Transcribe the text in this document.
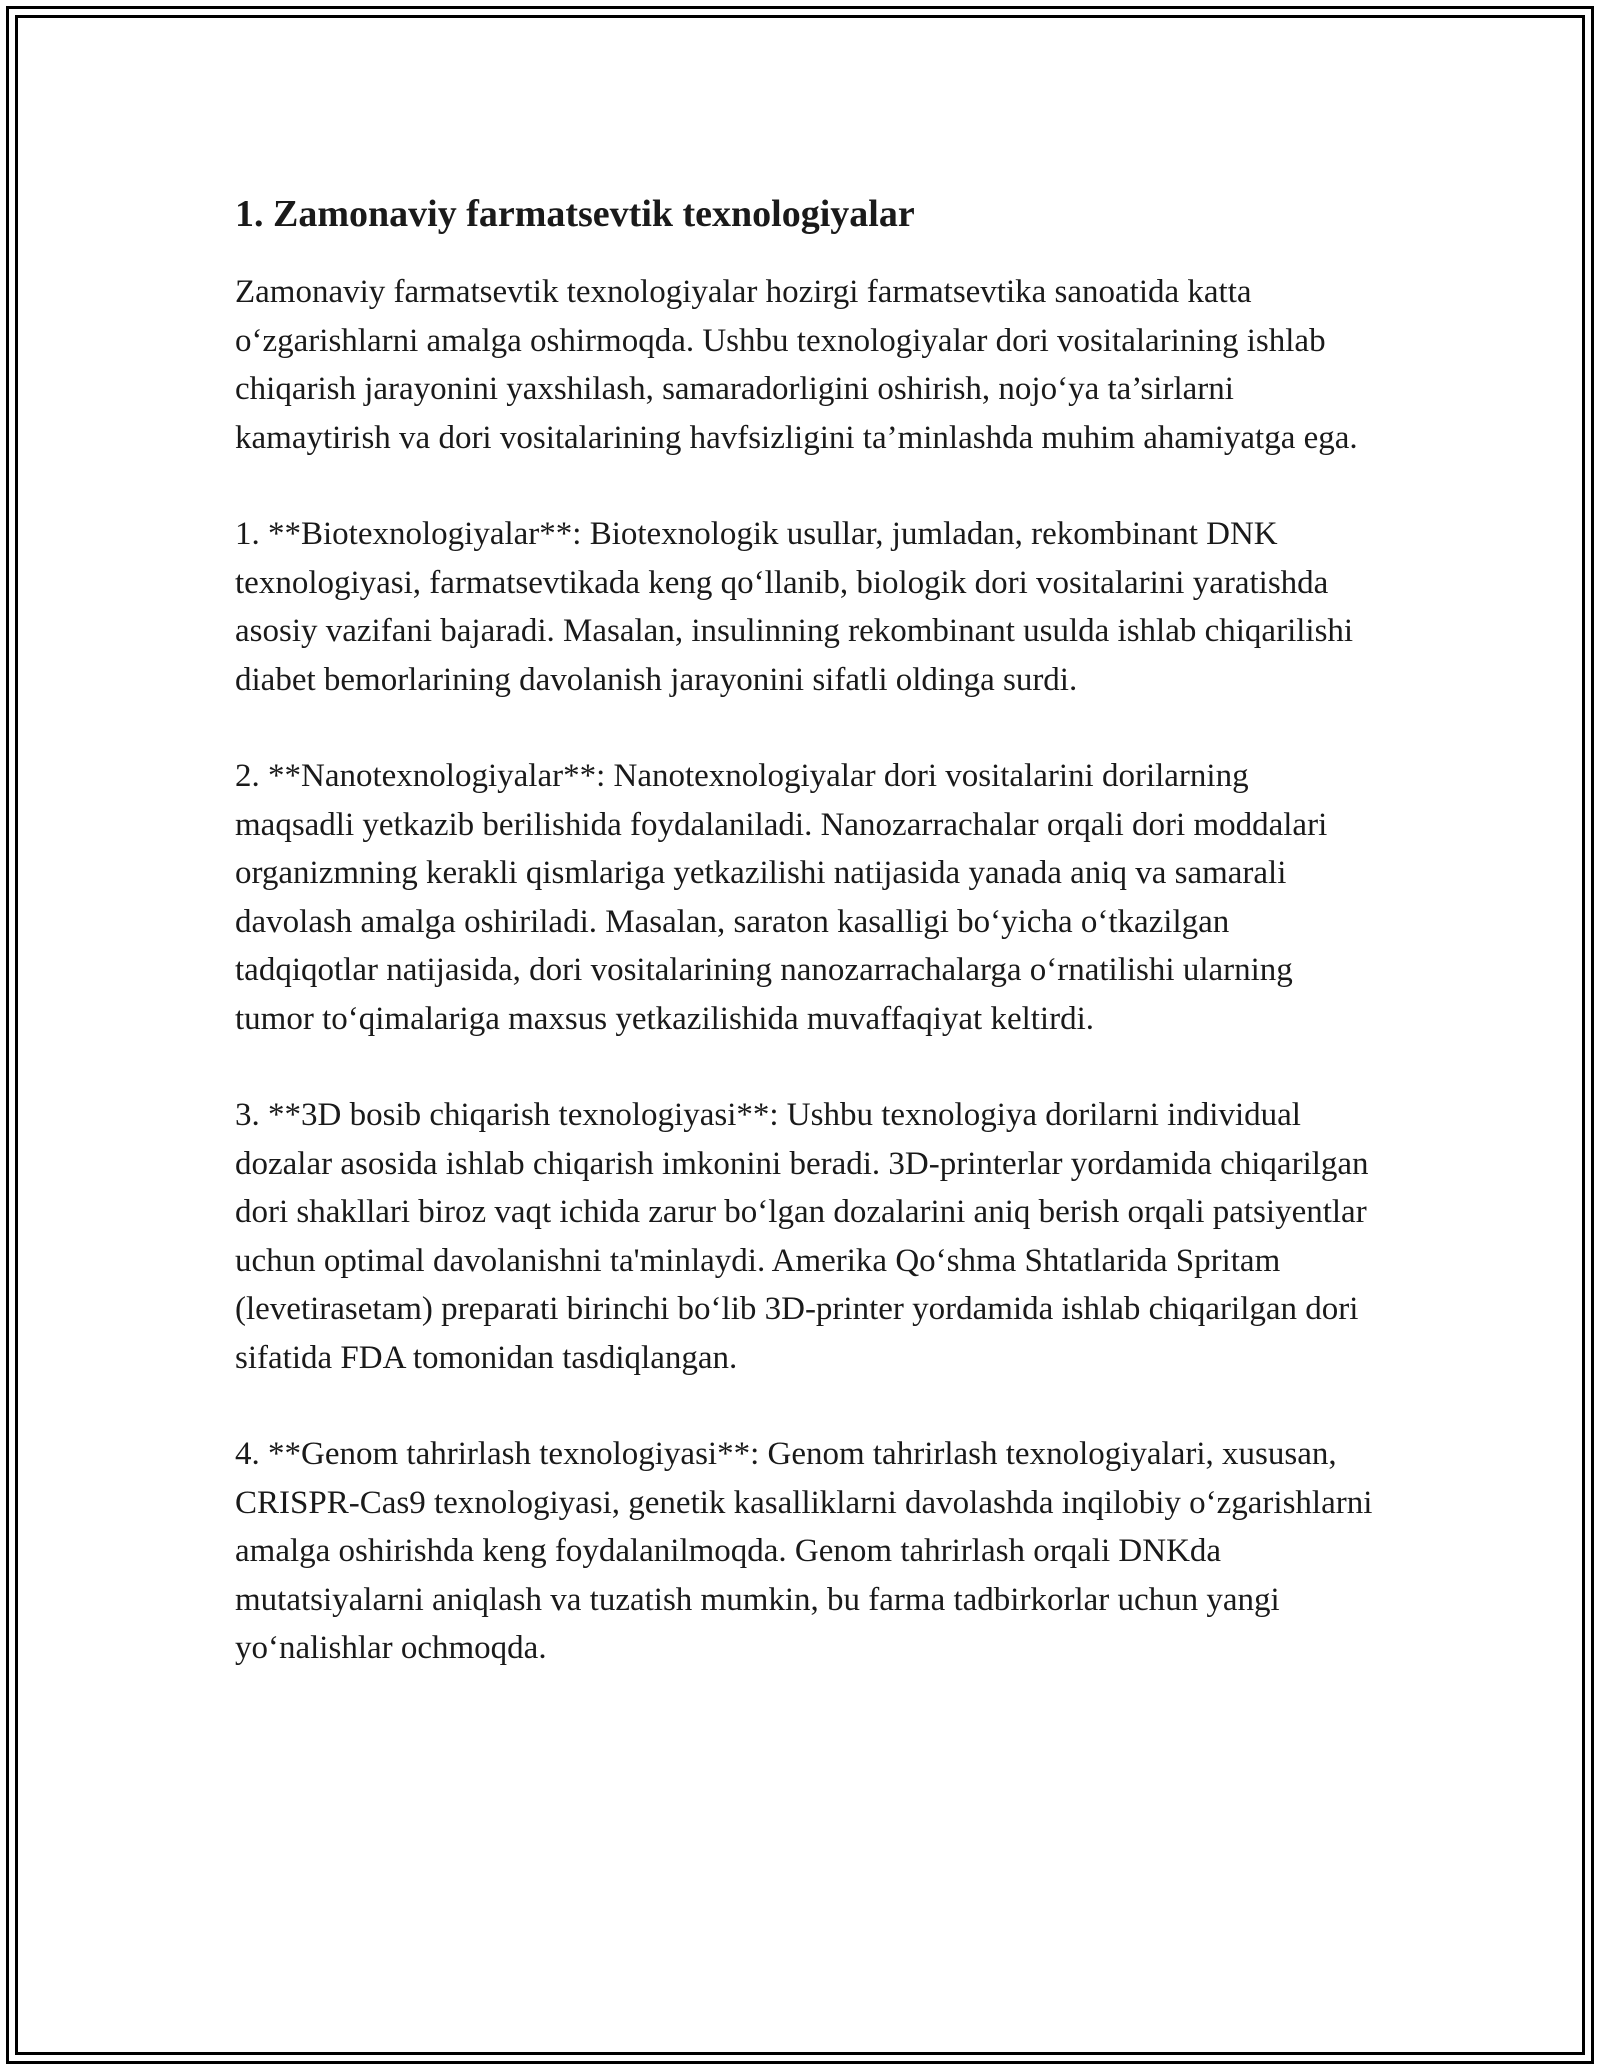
1. Zamonaviy farmatsevtik texnologiyalar

Zamonaviy farmatsevtik texnologiyalar hozirgi farmatsevtika sanoatida katta o‘zgarishlarni amalga oshirmoqda. Ushbu texnologiyalar dori vositalarining ishlab chiqarish jarayonini yaxshilash, samaradorligini oshirish, nojo‘ya ta’sirlarni kamaytirish va dori vositalarining havfsizligini ta’minlashda muhim ahamiyatga ega.

1. **Biotexnologiyalar**: Biotexnologik usullar, jumladan, rekombinant DNK texnologiyasi, farmatsevtikada keng qo‘llanib, biologik dori vositalarini yaratishda asosiy vazifani bajaradi. Masalan, insulinning rekombinant usulda ishlab chiqarilishi diabet bemorlarining davolanish jarayonini sifatli oldinga surdi.

2. **Nanotexnologiyalar**: Nanotexnologiyalar dori vositalarini dorilarning maqsadli yetkazib berilishida foydalaniladi. Nanozarrachalar orqali dori moddalari organizmning kerakli qismlariga yetkazilishi natijasida yanada aniq va samarali davolash amalga oshiriladi. Masalan, saraton kasalligi bo‘yicha o‘tkazilgan tadqiqotlar natijasida, dori vositalarining nanozarrachalarga o‘rnatilishi ularning tumor to‘qimalariga maxsus yetkazilishida muvaffaqiyat keltirdi.

3. **3D bosib chiqarish texnologiyasi**: Ushbu texnologiya dorilarni individual dozalar asosida ishlab chiqarish imkonini beradi. 3D-printerlar yordamida chiqarilgan dori shakllari biroz vaqt ichida zarur bo‘lgan dozalarini aniq berish orqali patsiyentlar uchun optimal davolanishni ta'minlaydi. Amerika Qo‘shma Shtatlarida Spritam (levetirasetam) preparati birinchi bo‘lib 3D-printer yordamida ishlab chiqarilgan dori sifatida FDA tomonidan tasdiqlangan.

4. **Genom tahrirlash texnologiyasi**: Genom tahrirlash texnologiyalari, xususan, CRISPR-Cas9 texnologiyasi, genetik kasalliklarni davolashda inqilobiy o‘zgarishlarni amalga oshirishda keng foydalanilmoqda. Genom tahrirlash orqali DNKda mutatsiyalarni aniqlash va tuzatish mumkin, bu farma tadbirkorlar uchun yangi yo‘nalishlar ochmoqda.
